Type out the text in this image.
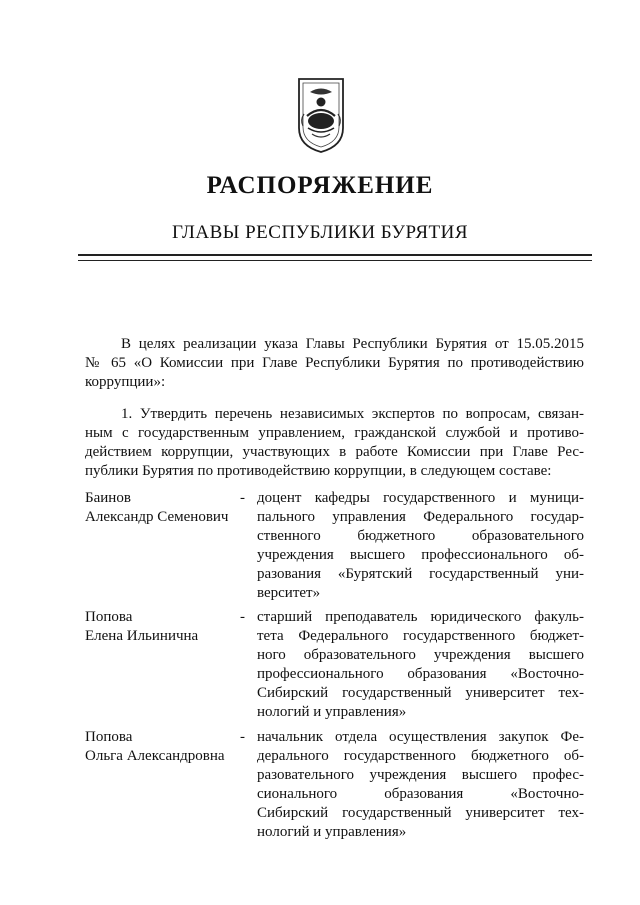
РАСПОРЯЖЕНИЕ
ГЛАВЫ РЕСПУБЛИКИ БУРЯТИЯ
В целях реализации указа Главы Республики Бурятия от 15.05.2015
№ 65 «О Комиссии при Главе Республики Бурятия по противодействию
коррупции»:
1. Утвердить перечень независимых экспертов по вопросам, связан-
ным с государственным управлением, гражданской службой и противо-
действием коррупции, участвующих в работе Комиссии при Главе Рес-
публики Бурятия по противодействию коррупции, в следующем составе:
Баинов
Александр Семенович
- доцент кафедры государственного и муници-
пального управления Федерального государ-
ственного бюджетного образовательного
учреждения высшего профессионального об-
разования «Бурятский государственный уни-
верситет»
Попова
Елена Ильинична
- старший преподаватель юридического факуль-
тета Федерального государственного бюджет-
ного образовательного учреждения высшего
профессионального образования «Восточно-
Сибирский государственный университет тех-
нологий и управления»
Попова
Ольга Александровна
- начальник отдела осуществления закупок Фе-
дерального государственного бюджетного об-
разовательного учреждения высшего профес-
сионального образования «Восточно-
Сибирский государственный университет тех-
нологий и управления»
